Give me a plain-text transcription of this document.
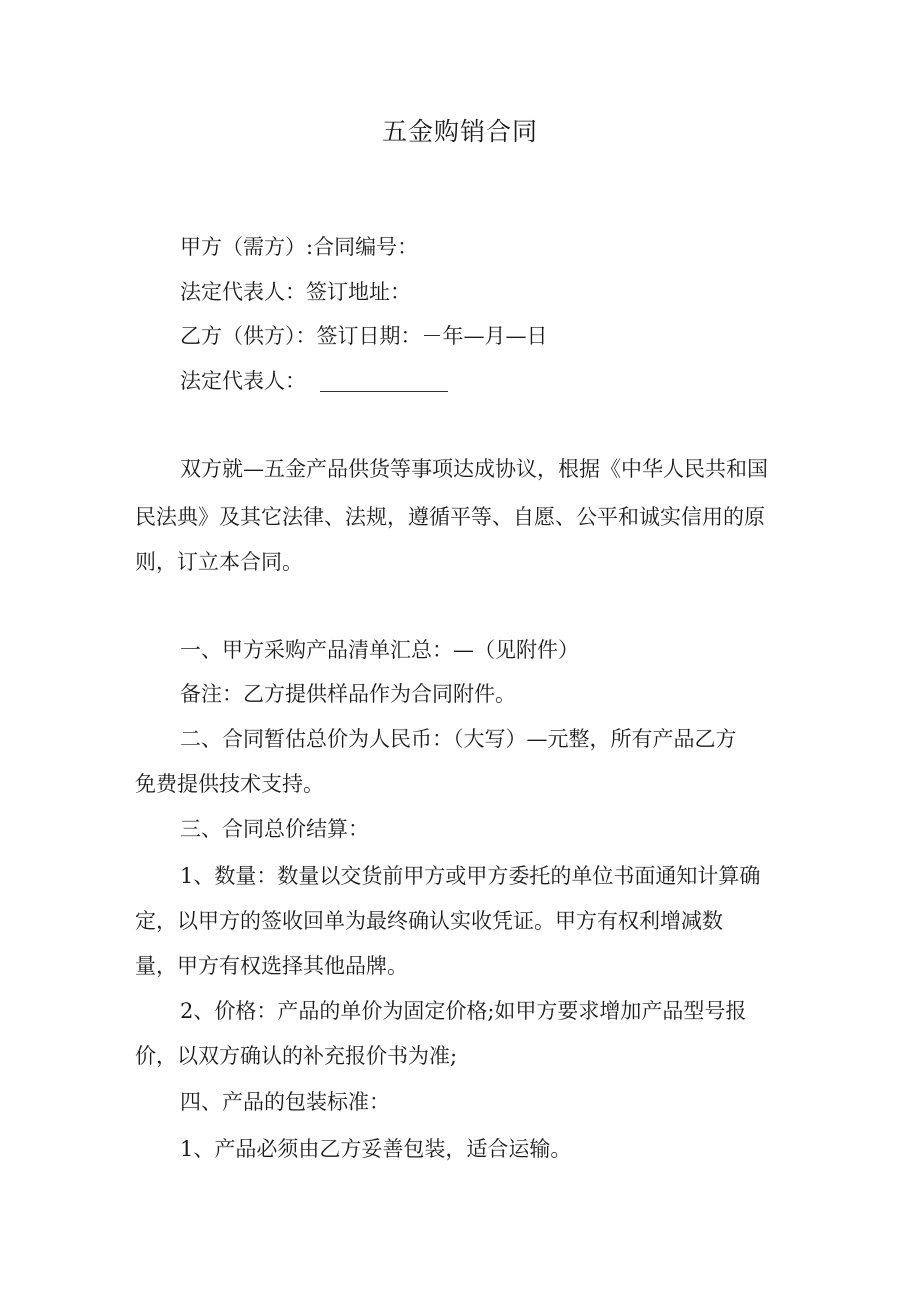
五金购销合同
甲方（需方）:合同编号：
法定代表人：签订地址：
乙方（供方）：签订日期：－年—月—日
法定代表人：
双方就—五金产品供货等事项达成协议，根据《中华人民共和国
民法典》及其它法律、法规，遵循平等、自愿、公平和诚实信用的原
则，订立本合同。
一、甲方采购产品清单汇总：—（见附件）
备注：乙方提供样品作为合同附件。
二、合同暂估总价为人民币：（大写）—元整，所有产品乙方
免费提供技术支持。
三、合同总价结算：
1、数量：数量以交货前甲方或甲方委托的单位书面通知计算确
定，以甲方的签收回单为最终确认实收凭证。甲方有权利增减数
量，甲方有权选择其他品牌。
2、价格：产品的单价为固定价格;如甲方要求增加产品型号报
价，以双方确认的补充报价书为准;
四、产品的包装标准：
1、产品必须由乙方妥善包装，适合运输。
